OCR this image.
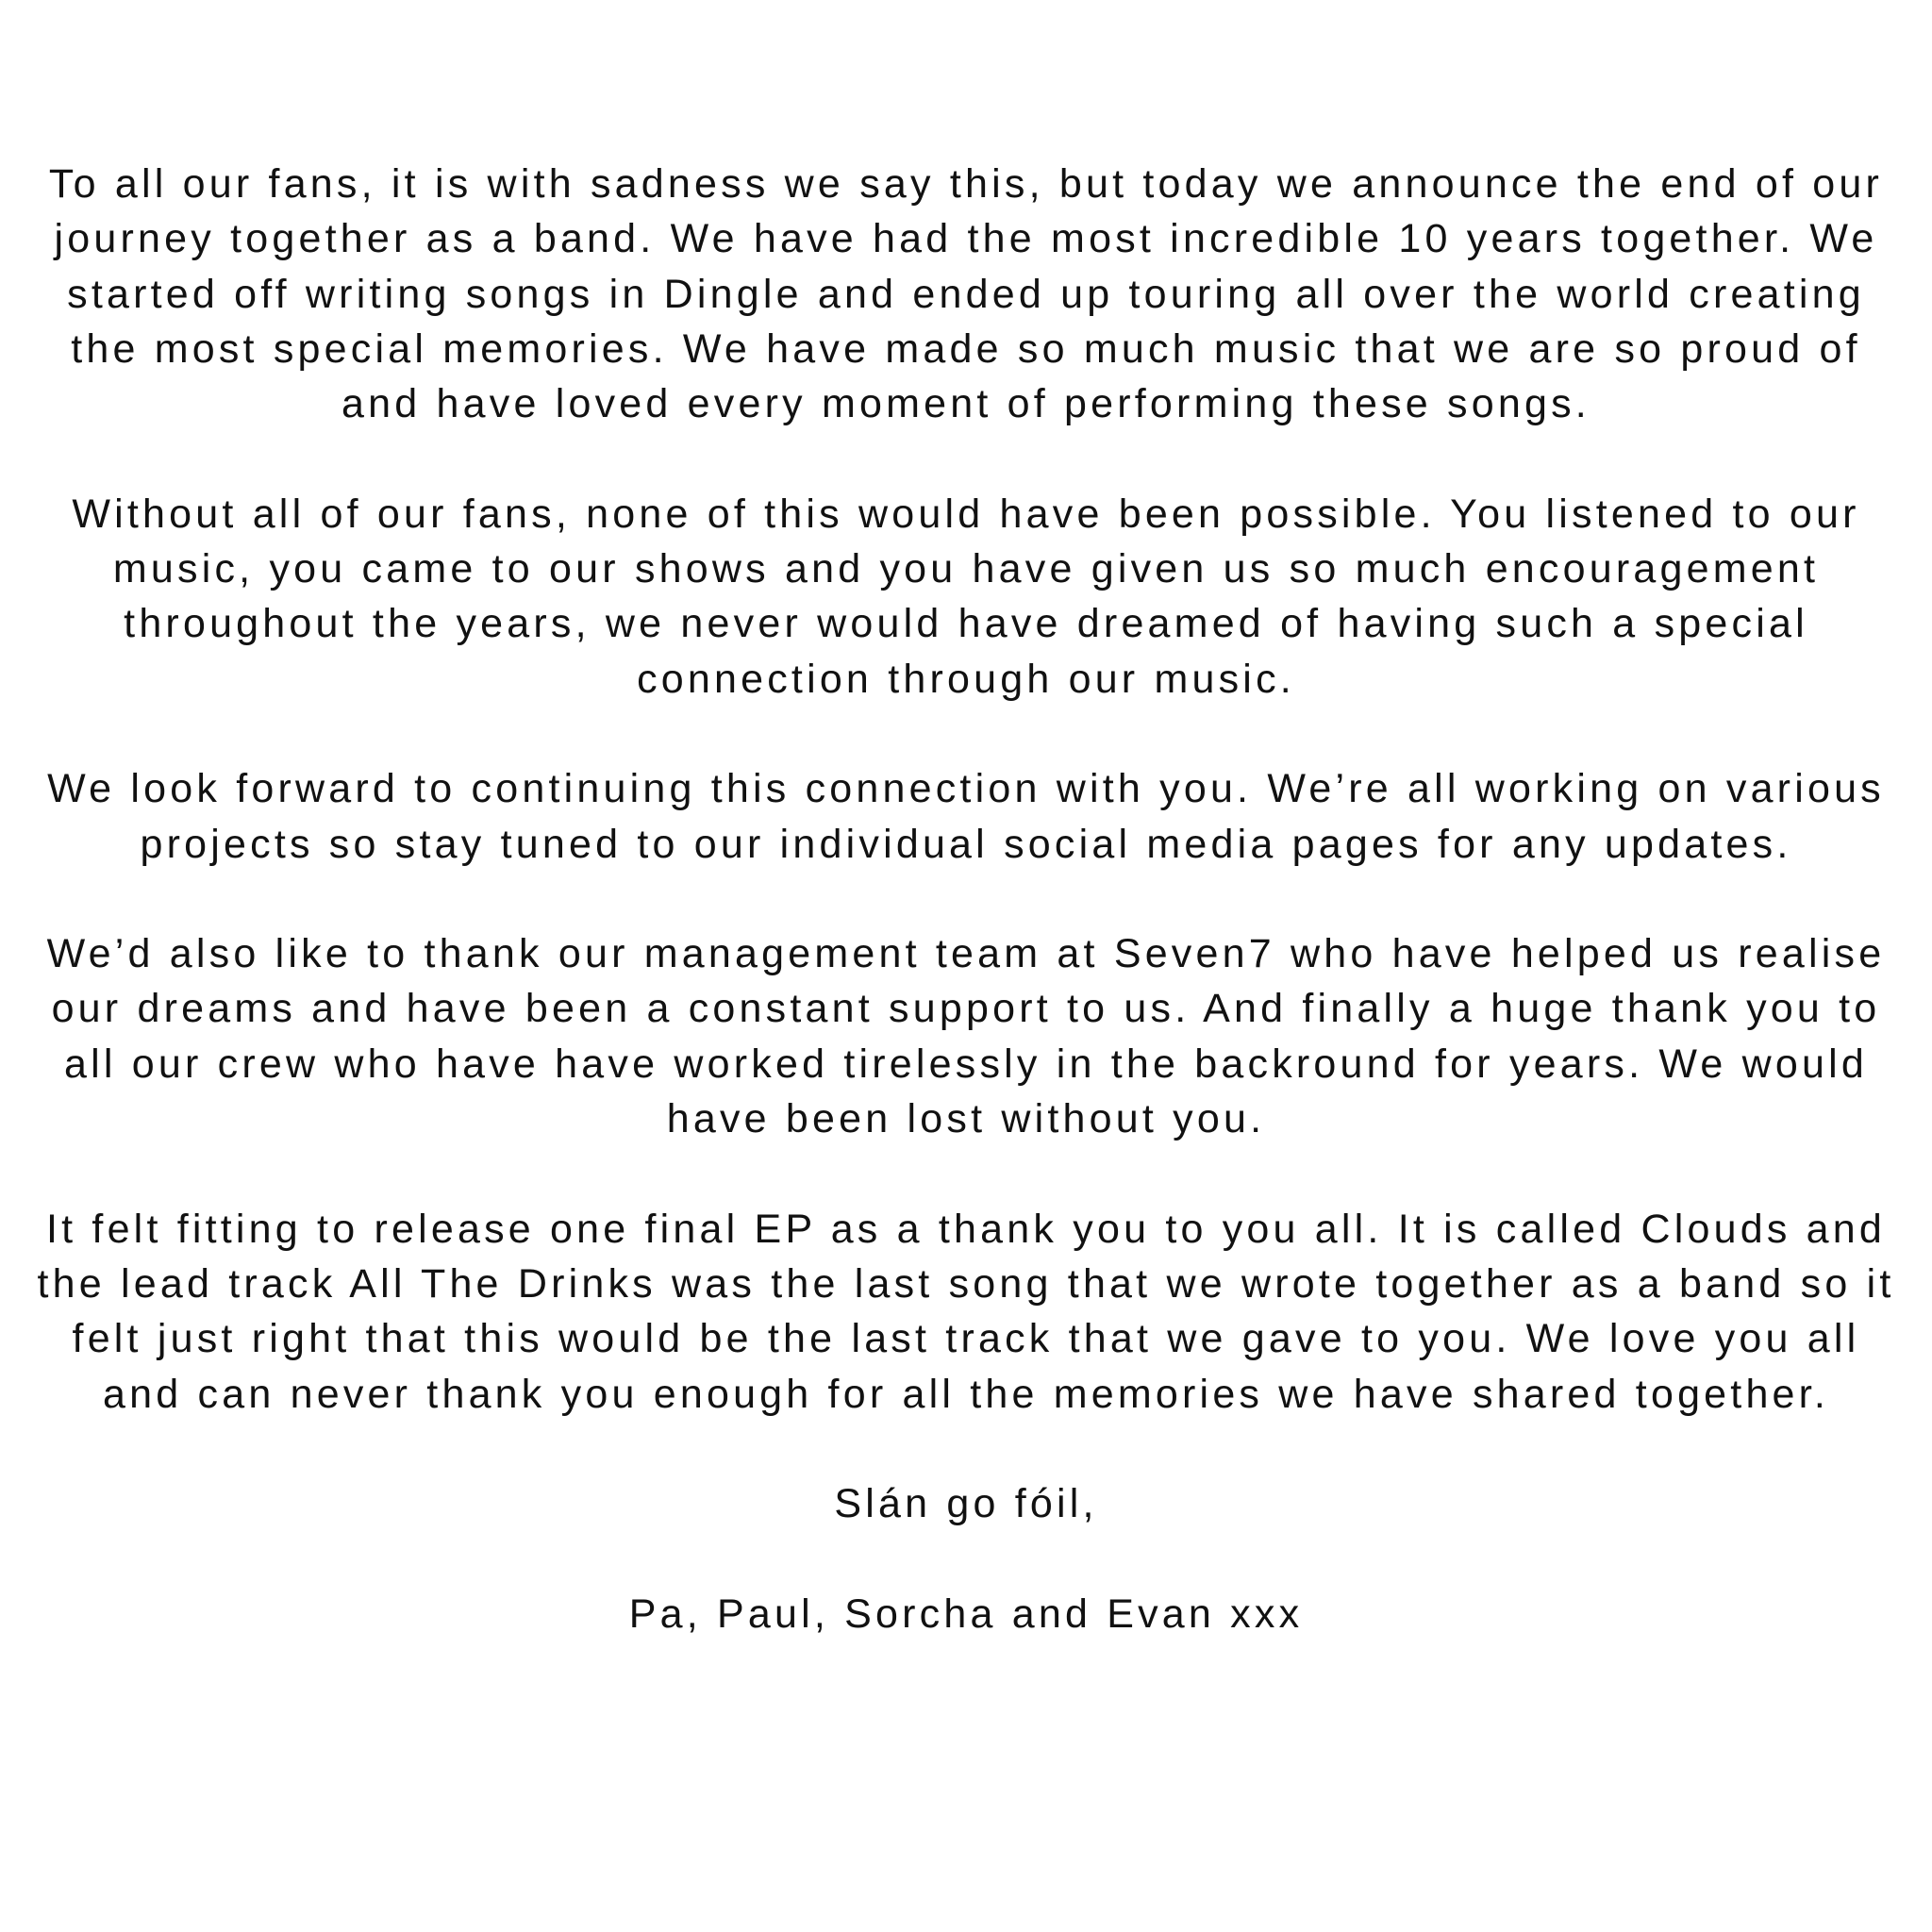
To all our fans, it is with sadness we say this, but today we announce the end of our journey together as a band. We have had the most incredible 10 years together. We started off writing songs in Dingle and ended up touring all over the world creating the most special memories. We have made so much music that we are so proud of and have loved every moment of performing these songs.

Without all of our fans, none of this would have been possible. You listened to our music, you came to our shows and you have given us so much encouragement throughout the years, we never would have dreamed of having such a special connection through our music.

We look forward to continuing this connection with you. We’re all working on various projects so stay tuned to our individual social media pages for any updates.

We’d also like to thank our management team at Seven7 who have helped us realise our dreams and have been a constant support to us. And finally a huge thank you to all our crew who have have worked tirelessly in the backround for years. We would have been lost without you.

It felt fitting to release one final EP as a thank you to you all. It is called Clouds and the lead track All The Drinks was the last song that we wrote together as a band so it felt just right that this would be the last track that we gave to you. We love you all and can never thank you enough for all the memories we have shared together.

Slán go fóil,

Pa, Paul, Sorcha and Evan xxx
